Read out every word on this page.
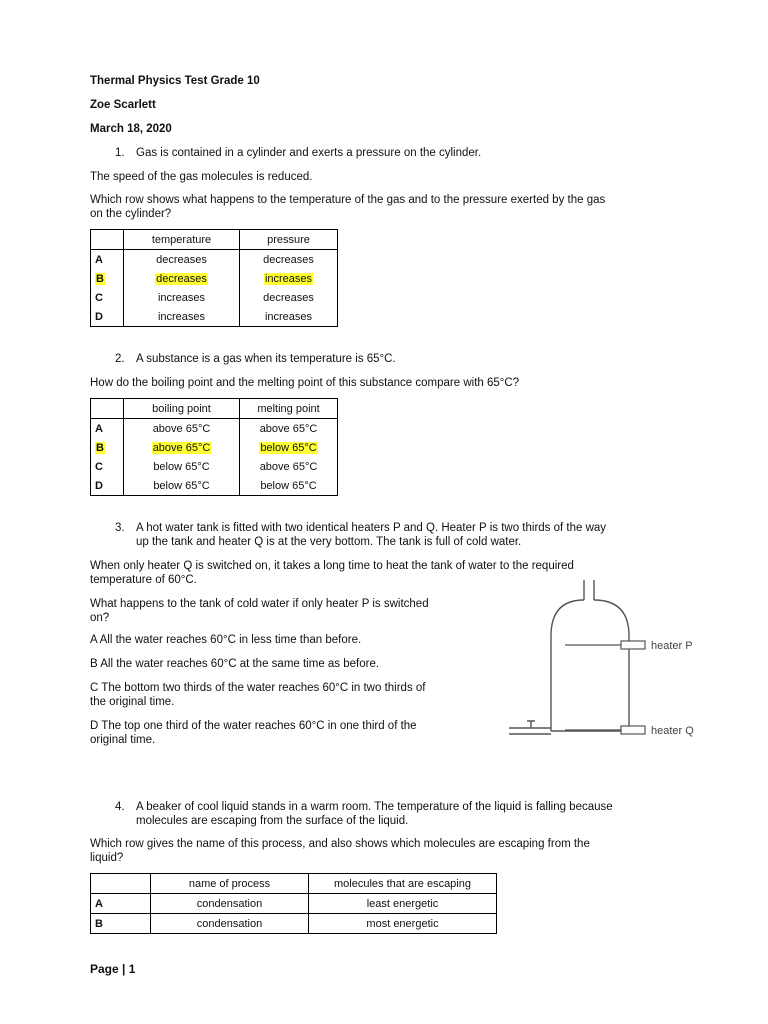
Thermal Physics Test Grade 10
Zoe Scarlett
March 18, 2020
1. Gas is contained in a cylinder and exerts a pressure on the cylinder.
The speed of the gas molecules is reduced.
Which row shows what happens to the temperature of the gas and to the pressure exerted by the gas
on the cylinder?
	temperature	pressure
A	decreases	decreases
B	decreases	increases
C	increases	decreases
D	increases	increases
2. A substance is a gas when its temperature is 65°C.
How do the boiling point and the melting point of this substance compare with 65°C?
	boiling point	melting point
A	above 65°C	above 65°C
B	above 65°C	below 65°C
C	below 65°C	above 65°C
D	below 65°C	below 65°C
3. A hot water tank is fitted with two identical heaters P and Q. Heater P is two thirds of the way
up the tank and heater Q is at the very bottom. The tank is full of cold water.
When only heater Q is switched on, it takes a long time to heat the tank of water to the required
temperature of 60°C.
What happens to the tank of cold water if only heater P is switched
on?
A All the water reaches 60°C in less time than before.
B All the water reaches 60°C at the same time as before.
C The bottom two thirds of the water reaches 60°C in two thirds of
the original time.
D The top one third of the water reaches 60°C in one third of the
original time.
heater P
heater Q
4. A beaker of cool liquid stands in a warm room. The temperature of the liquid is falling because
molecules are escaping from the surface of the liquid.
Which row gives the name of this process, and also shows which molecules are escaping from the
liquid?
	name of process	molecules that are escaping
A	condensation	least energetic
B	condensation	most energetic
Page | 1
